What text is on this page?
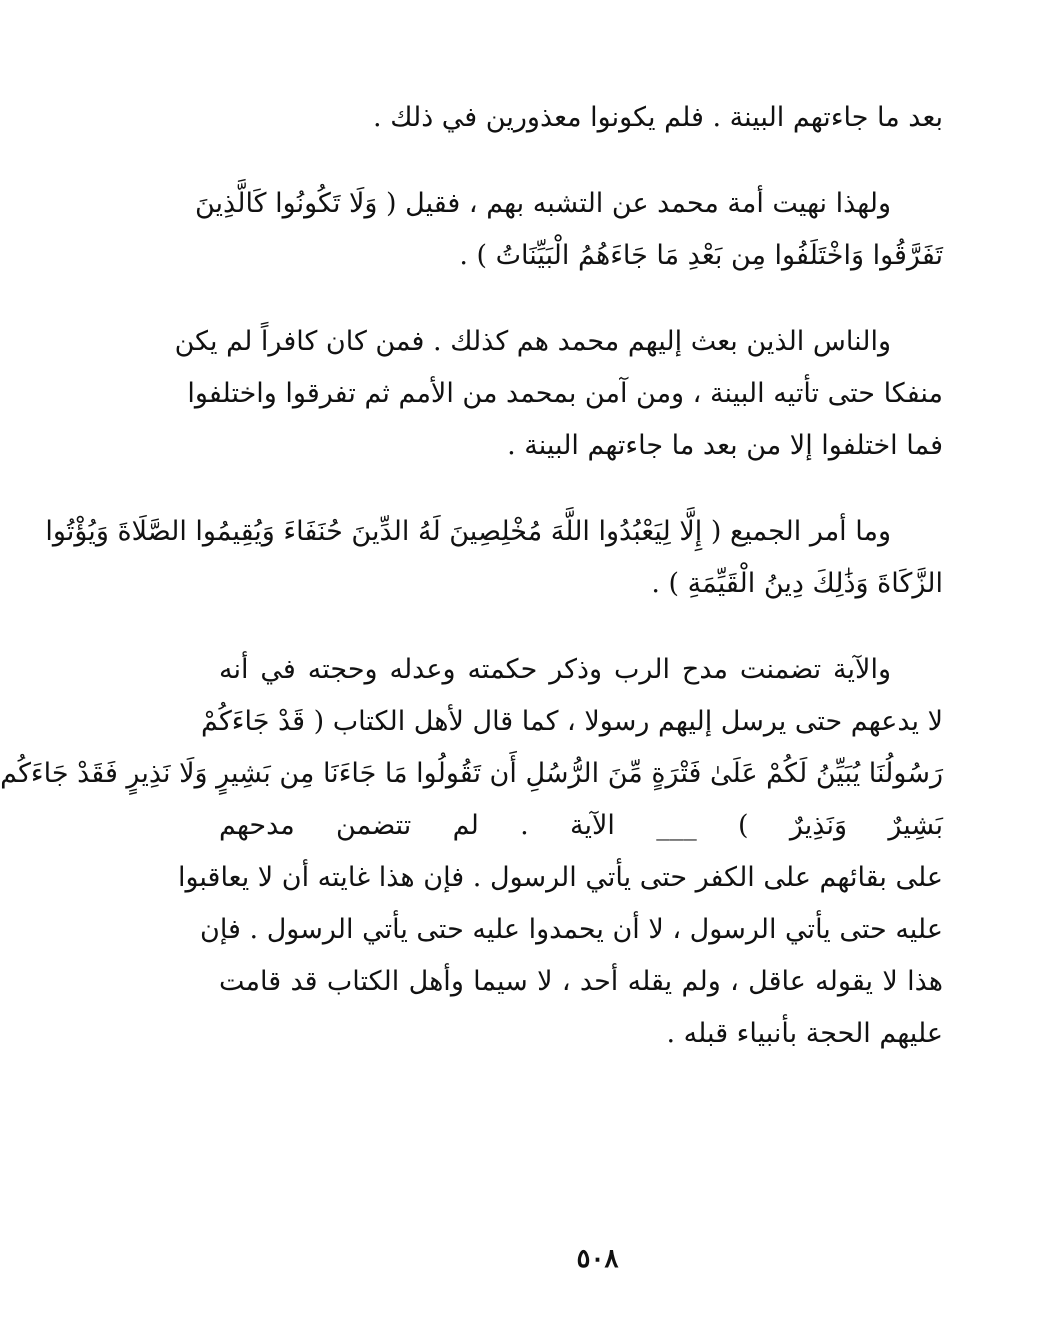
بعد ما جاءتهم البينة . فلم يكونوا معذورين في ذلك .
ولهذا نهيت أمة محمد عن التشبه بهم ، فقيل ( وَلَا تَكُونُوا كَالَّذِينَ
تَفَرَّقُوا وَاخْتَلَفُوا مِن بَعْدِ مَا جَاءَهُمُ الْبَيِّنَاتُ ) .
والناس الذين بعث إليهم محمد هم كذلك . فمن كان كافراً لم يكن
منفكا حتى تأتيه البينة ، ومن آمن بمحمد من الأمم ثم تفرقوا واختلفوا
فما اختلفوا إلا من بعد ما جاءتهم البينة .
وما أمر الجميع ( إِلَّا لِيَعْبُدُوا اللَّهَ مُخْلِصِينَ لَهُ الدِّينَ حُنَفَاءَ وَيُقِيمُوا الصَّلَاةَ وَيُؤْتُوا
الزَّكَاةَ وَذَٰلِكَ دِينُ الْقَيِّمَةِ ) .
والآية تضمنت مدح الرب وذكر حكمته وعدله وحجته في أنه
لا يدعهم حتى يرسل إليهم رسولا ، كما قال لأهل الكتاب ( قَدْ جَاءَكُمْ
رَسُولُنَا يُبَيِّنُ لَكُمْ عَلَىٰ فَتْرَةٍ مِّنَ الرُّسُلِ أَن تَقُولُوا مَا جَاءَنَا مِن بَشِيرٍ وَلَا نَذِيرٍ فَقَدْ جَاءَكُم
بَشِيرٌ وَنَذِيرٌ ) ___ الآية . لم تتضمن مدحهم
على بقائهم على الكفر حتى يأتي الرسول . فإن هذا غايته أن لا يعاقبوا
عليه حتى يأتي الرسول ، لا أن يحمدوا عليه حتى يأتي الرسول . فإن
هذا لا يقوله عاقل ، ولم يقله أحد ، لا سيما وأهل الكتاب قد قامت
عليهم الحجة بأنبياء قبله .
٥٠٨
